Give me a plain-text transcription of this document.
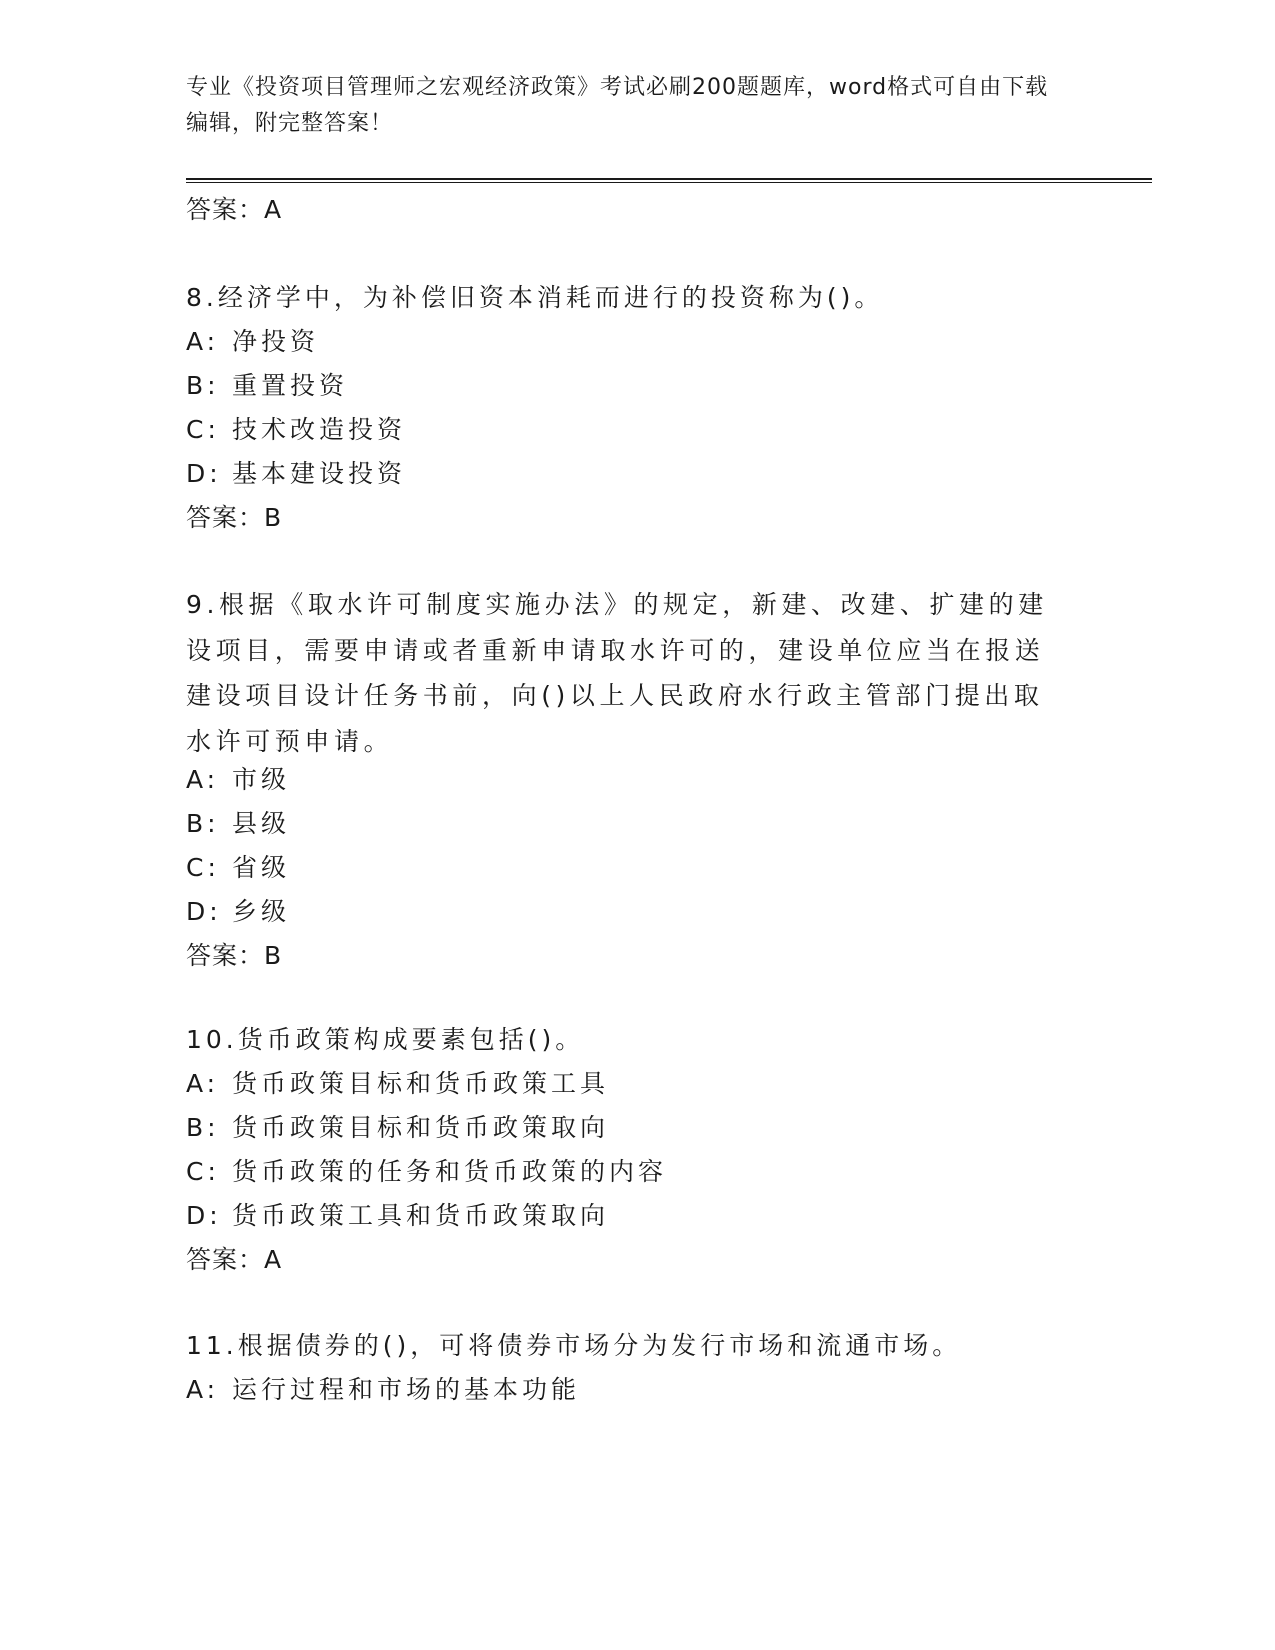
专业《投资项目管理师之宏观经济政策》考试必刷200题题库，word格式可自由下载编辑，附完整答案！
答案：A
8.经济学中，为补偿旧资本消耗而进行的投资称为()。
A: 净投资
B: 重置投资
C: 技术改造投资
D: 基本建设投资
答案：B
9.根据《取水许可制度实施办法》的规定，新建、改建、扩建的建设项目，需要申请或者重新申请取水许可的，建设单位应当在报送建设项目设计任务书前，向()以上人民政府水行政主管部门提出取水许可预申请。
A: 市级
B: 县级
C: 省级
D: 乡级
答案：B
10.货币政策构成要素包括()。
A: 货币政策目标和货币政策工具
B: 货币政策目标和货币政策取向
C: 货币政策的任务和货币政策的内容
D: 货币政策工具和货币政策取向
答案：A
11.根据债券的()，可将债券市场分为发行市场和流通市场。
A: 运行过程和市场的基本功能
